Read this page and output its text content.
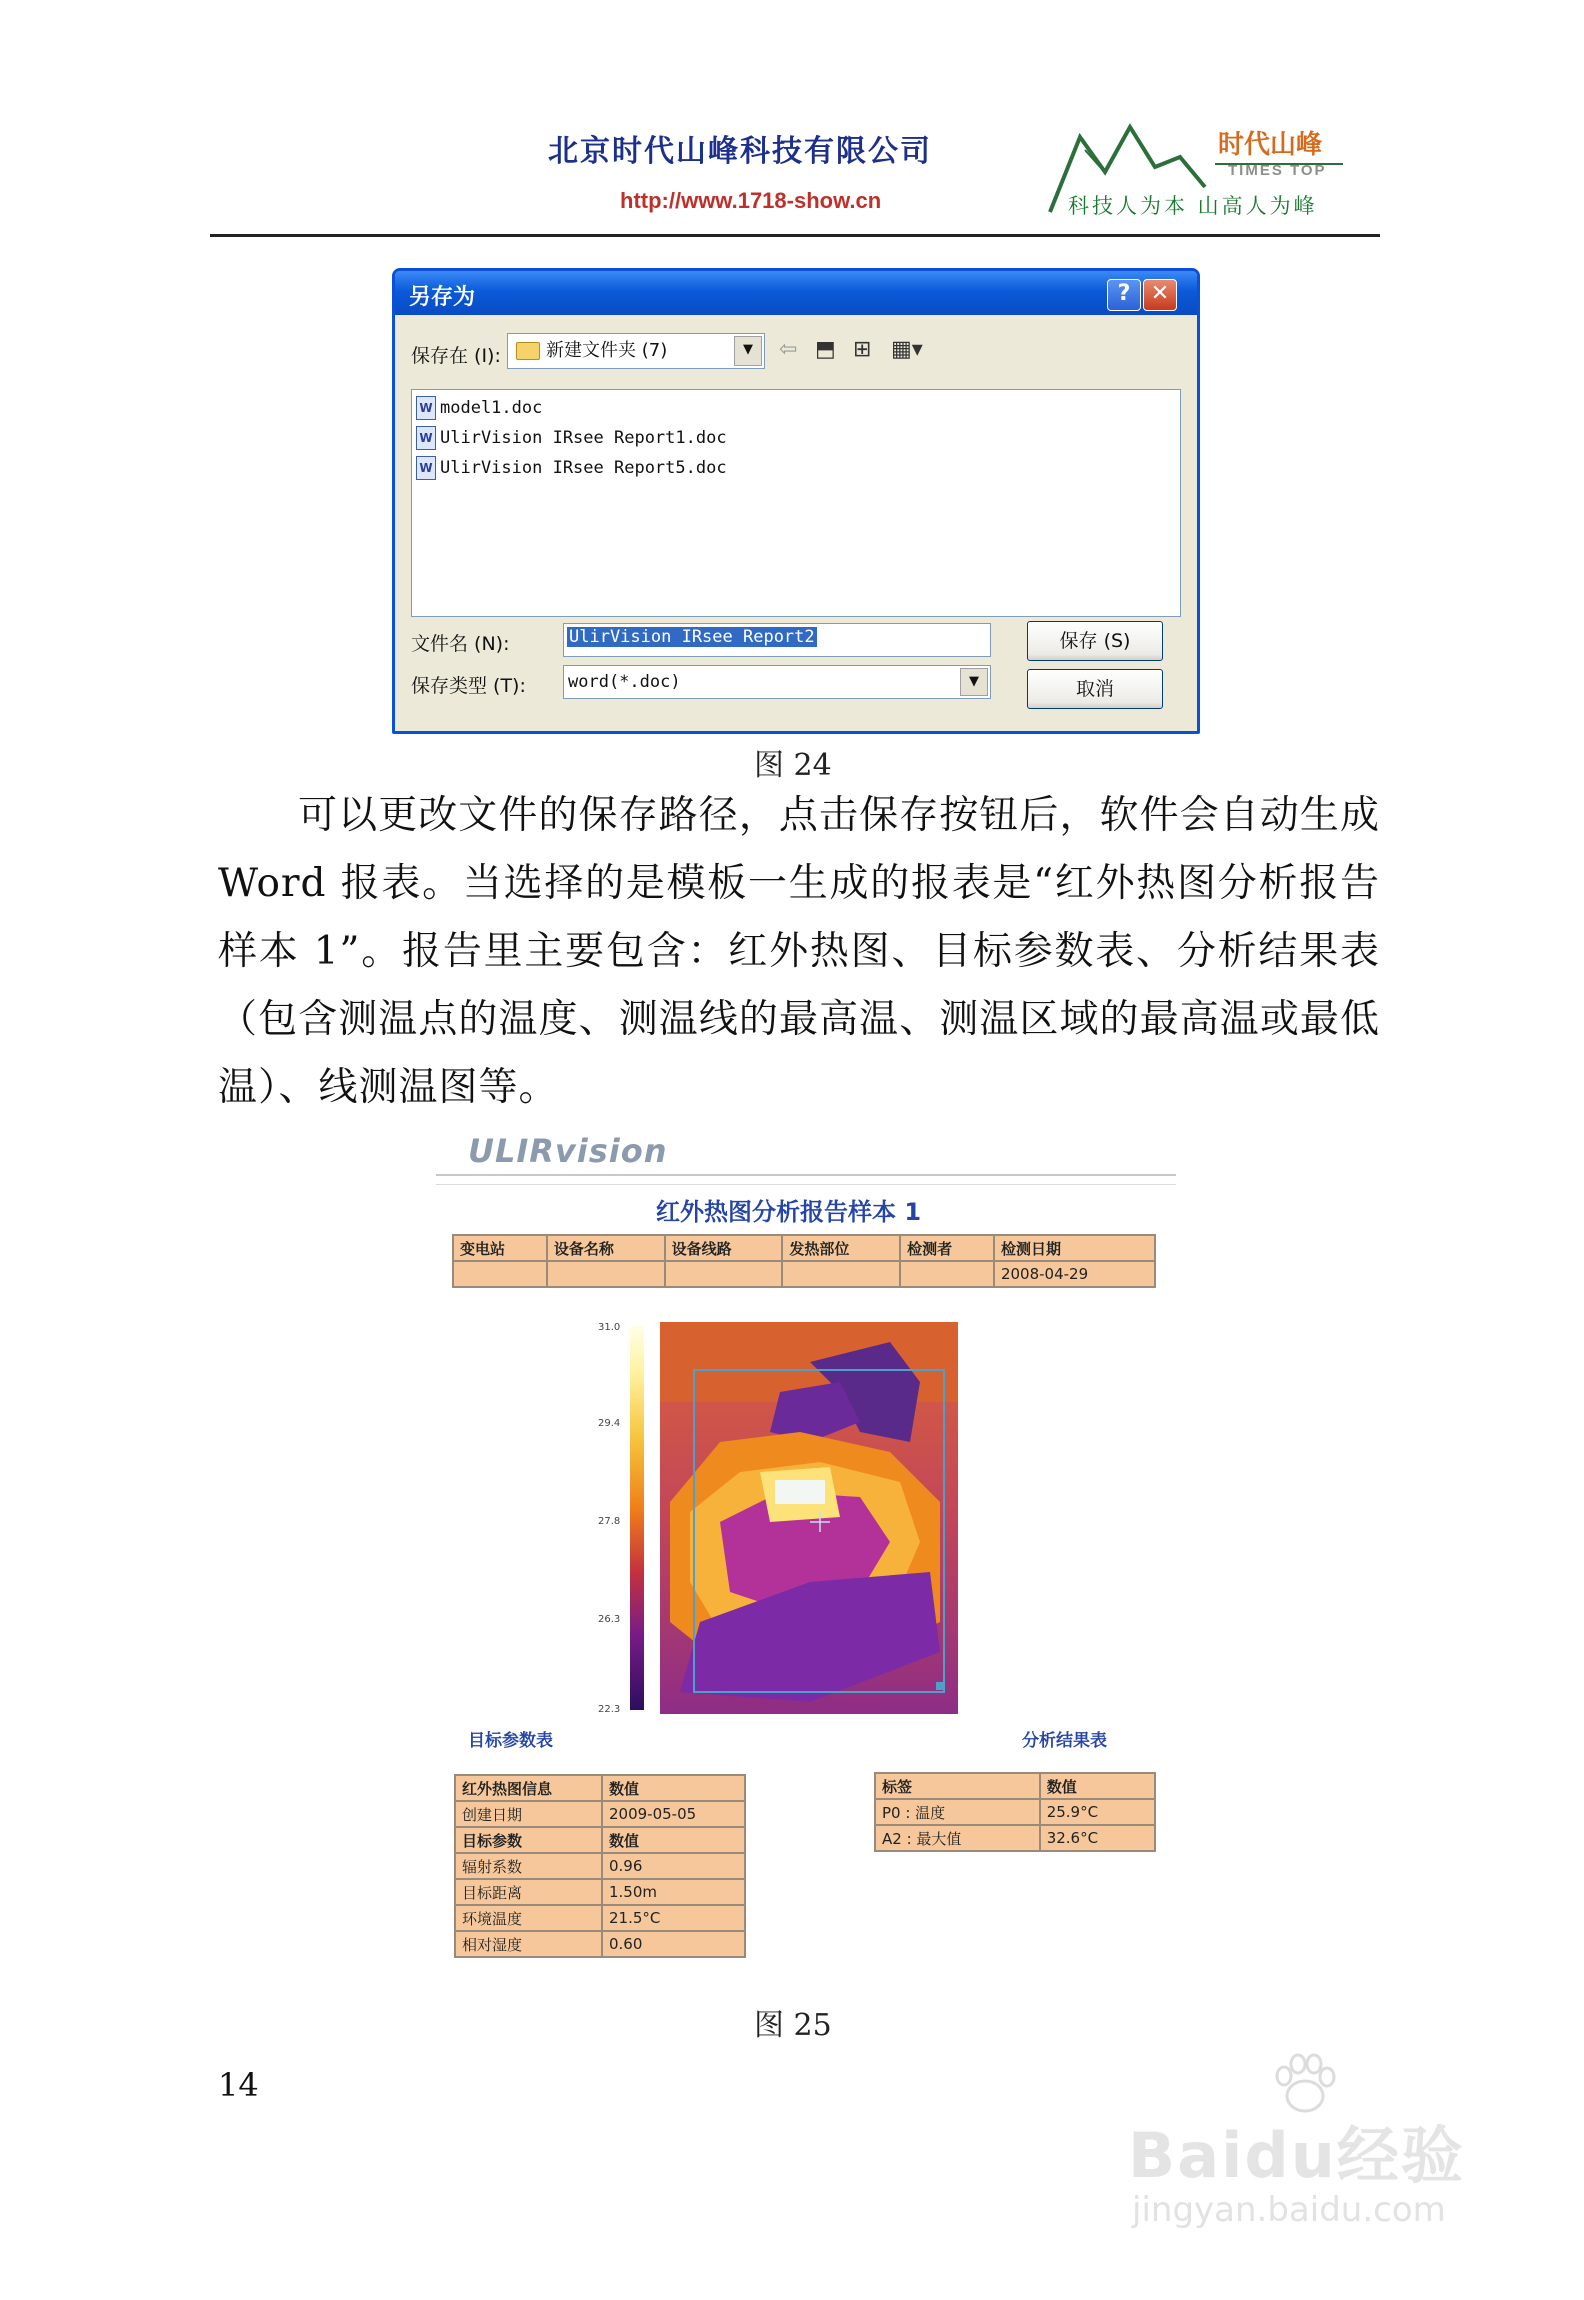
北京时代山峰科技有限公司
http://www.1718-show.cn
时代山峰
TIMES TOP
科技人为本 山高人为峰
另存为	? ✕
保存在 (I):	新建文件夹 (7)	▼	⇦ ⬒ ⊞ ▦▾
W model1.doc
W UlirVision IRsee Report1.doc
W UlirVision IRsee Report5.doc
文件名 (N):	UlirVision IRsee Report2
保存类型 (T): word(*.doc)	▼
保存 (S)
取消
图 24
可以更改文件的保存路径，点击保存按钮后，软件会自动生成 Word 报表。当选择的是模板一生成的报表是“红外热图分析报告样本 1”。报告里主要包含：红外热图、目标参数表、分析结果表（包含测温点的温度、测温线的最高温、测温区域的最高温或最低温）、线测温图等。
ULIRvision
红外热图分析报告样本 1
变电站	设备名称	设备线路	发热部位	检测者	检测日期
					2008-04-29
31.0
29.4
27.8
26.3
22.3
目标参数表	分析结果表
红外热图信息	数值
创建日期	2009-05-05
目标参数	数值
辐射系数	0.96
目标距离	1.50m
环境温度	21.5°C
相对湿度	0.60
标签	数值
P0 : 温度	25.9°C
A2 : 最大值	32.6°C
图 25
14
Baidu经验
jingyan.baidu.com
